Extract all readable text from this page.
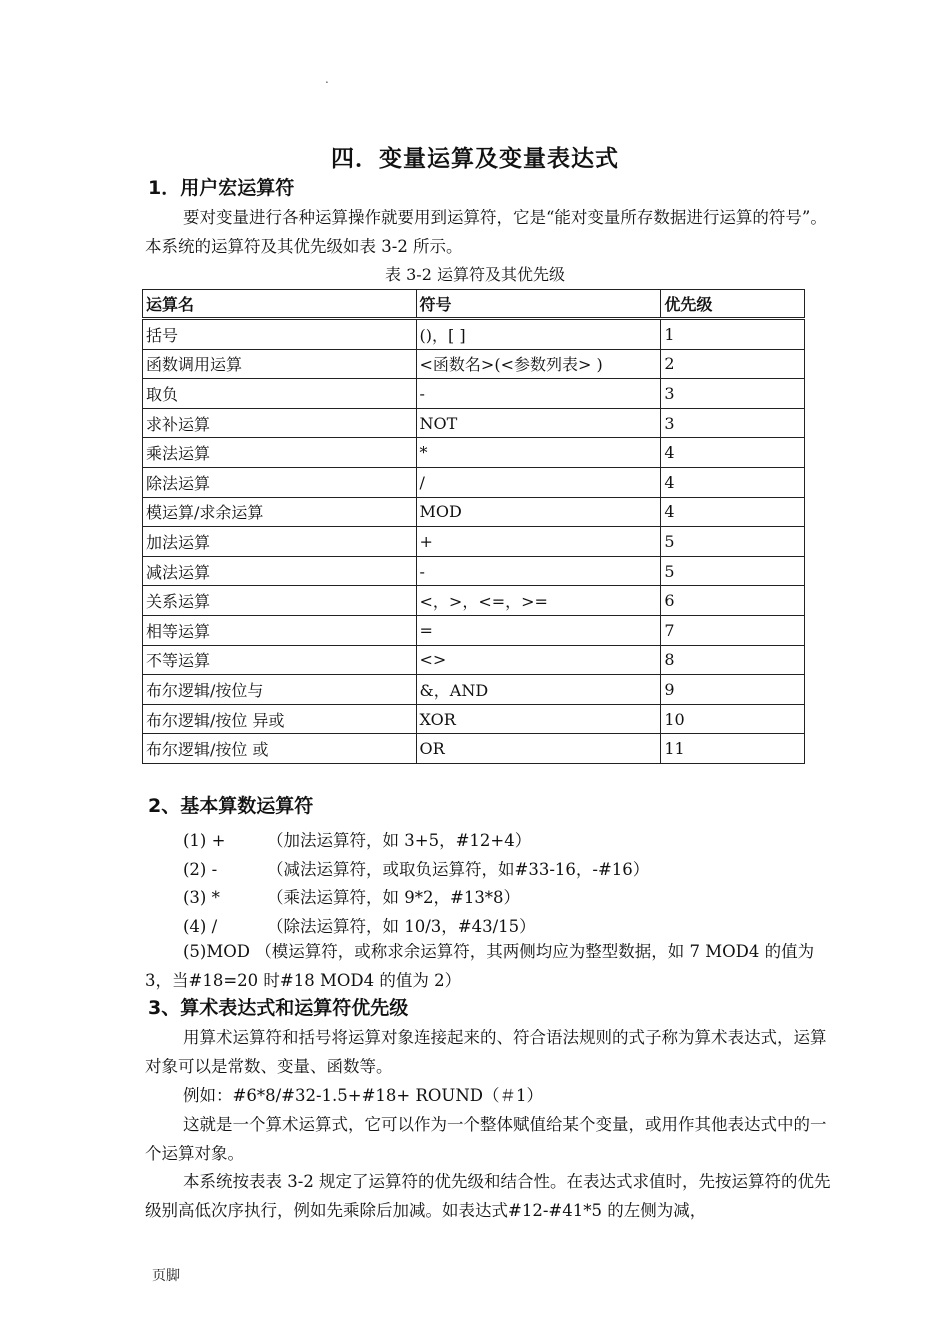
.
四．变量运算及变量表达式
1．用户宏运算符

要对变量进行各种运算操作就要用到运算符，它是“能对变量所存数据进行运算的符号”。本系统的运算符及其优先级如表 3-2 所示。

表 3-2 运算符及其优先级
运算名	符号	优先级
括号	()，[ ]	1
函数调用运算	<函数名>(<参数列表> )	2
取负	-	3
求补运算	NOT	3
乘法运算	*	4
除法运算	/	4
模运算/求余运算	MOD	4
加法运算	+	5
减法运算	-	5
关系运算	<，>，<=，>=	6
相等运算	=	7
不等运算	<>	8
布尔逻辑/按位与	&，AND	9
布尔逻辑/按位 异或	XOR	10
布尔逻辑/按位 或	OR	11
2、基本算数运算符
(1) +	（加法运算符，如 3+5，#12+4）
(2) -	（减法运算符，或取负运算符，如#33-16，-#16）
(3) *	（乘法运算符，如 9*2，#13*8）
(4) /	（除法运算符，如 10/3，#43/15）

(5)MOD （模运算符，或称求余运算符，其两侧均应为整型数据，如 7 MOD4 的值为 3，当#18=20 时#18 MOD4 的值为 2）

3、算术表达式和运算符优先级

用算术运算符和括号将运算对象连接起来的、符合语法规则的式子称为算术表达式，运算对象可以是常数、变量、函数等。

例如：#6*8/#32-1.5+#18+ ROUND（＃1）

这就是一个算术运算式，它可以作为一个整体赋值给某个变量，或用作其他表达式中的一个运算对象。

本系统按表表 3-2 规定了运算符的优先级和结合性。在表达式求值时，先按运算符的优先级别高低次序执行，例如先乘除后加减。如表达式#12-#41*5 的左侧为减，

页脚
